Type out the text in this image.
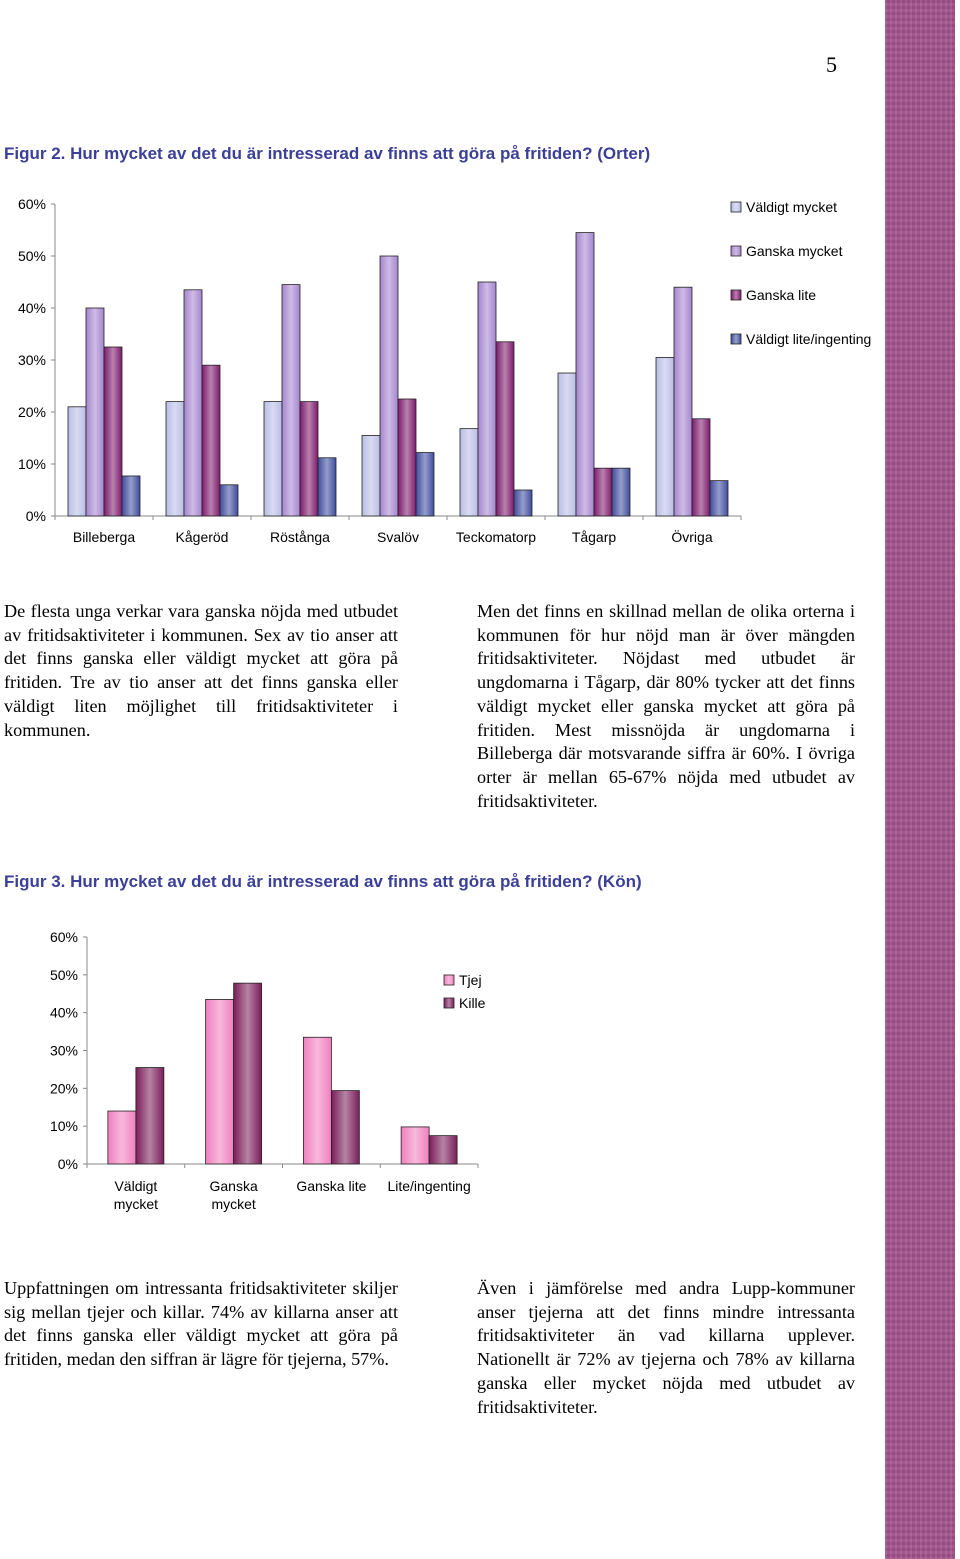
5
Figur 2. Hur mycket av det du är intresserad av finns att göra på fritiden? (Orter)
0%
10%
20%
30%
40%
50%
60%
Billeberga	Kågeröd	Röstånga	Svalöv	Teckomatorp	Tågarp	Övriga
Väldigt mycket
Ganska mycket
Ganska lite
Väldigt lite/ingenting
De flesta unga verkar vara ganska nöjda med utbudet av fritidsaktiviteter i kommunen. Sex av tio anser att det finns ganska eller väldigt mycket att göra på fritiden. Tre av tio anser att det finns ganska eller väldigt liten möjlighet till fritidsaktiviteter i kommunen.
Men det finns en skillnad mellan de olika orterna i kommunen för hur nöjd man är över mängden fritidsaktiviteter. Nöjdast med utbudet är ungdomarna i Tågarp, där 80% tycker att det finns väldigt mycket eller ganska mycket att göra på fritiden. Mest missnöjda är ungdomarna i Billeberga där motsvarande siffra är 60%. I övriga orter är mellan 65-67% nöjda med utbudet av fritidsaktiviteter.
Figur 3. Hur mycket av det du är intresserad av finns att göra på fritiden? (Kön)
0%
10%
20%
30%
40%
50%
60%
Väldigt mycket
Ganska mycket
Ganska lite Lite/ingenting
Tjej
Kille
Uppfattningen om intressanta fritidsaktiviteter skiljer sig mellan tjejer och killar. 74% av killarna anser att det finns ganska eller väldigt mycket att göra på fritiden, medan den siffran är lägre för tjejerna, 57%.
Även i jämförelse med andra Lupp-kommuner anser tjejerna att det finns mindre intressanta fritidsaktiviteter än vad killarna upplever. Nationellt är 72% av tjejerna och 78% av killarna ganska eller mycket nöjda med utbudet av fritidsaktiviteter.
